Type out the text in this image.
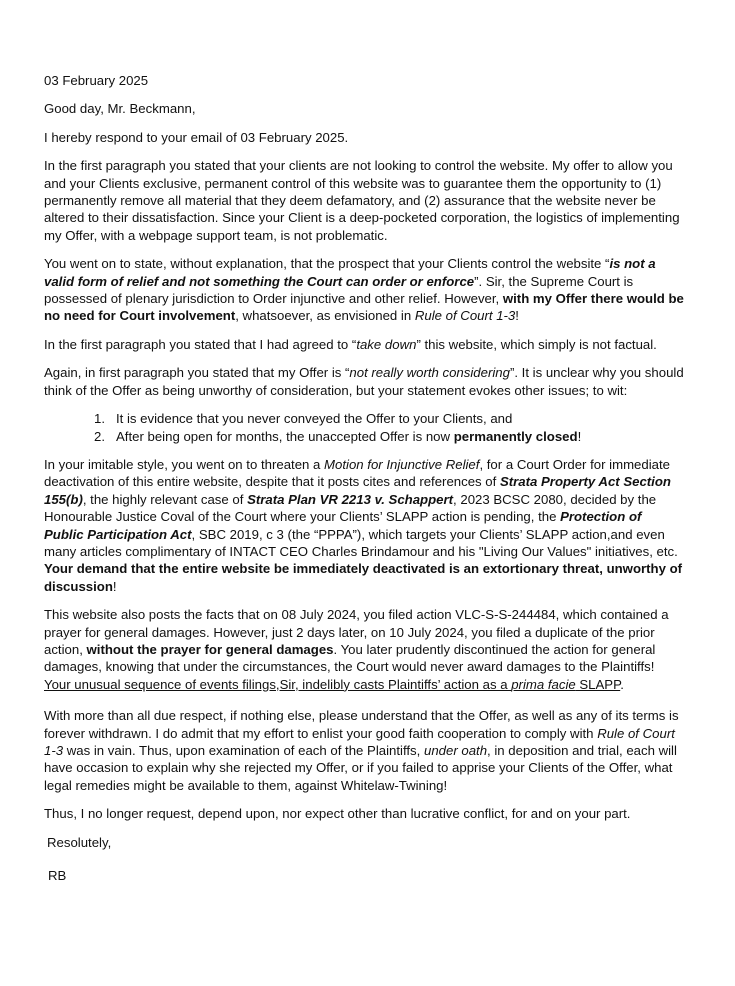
03 February 2025

Good day, Mr. Beckmann,

I hereby respond to your email of 03 February 2025.

In the first paragraph you stated that your clients are not looking to control the website. My offer to allow you and your Clients exclusive, permanent control of this website was to guarantee them the opportunity to (1) permanently remove all material that they deem defamatory, and (2) assurance that the website never be altered to their dissatisfaction. Since your Client is a deep-pocketed corporation, the logistics of implementing my Offer, with a webpage support team, is not problematic.

You went on to state, without explanation, that the prospect that your Clients control the website “is not a valid form of relief and not something the Court can order or enforce”. Sir, the Supreme Court is possessed of plenary jurisdiction to Order injunctive and other relief. However, with my Offer there would be no need for Court involvement, whatsoever, as envisioned in Rule of Court 1-3!

In the first paragraph you stated that I had agreed to “take down” this website, which simply is not factual.

Again, in first paragraph you stated that my Offer is “not really worth considering”. It is unclear why you should think of the Offer as being unworthy of consideration, but your statement evokes other issues; to wit:

1. It is evidence that you never conveyed the Offer to your Clients, and
2. After being open for months, the unaccepted Offer is now permanently closed!

In your imitable style, you went on to threaten a Motion for Injunctive Relief, for a Court Order for immediate deactivation of this entire website, despite that it posts cites and references of Strata Property Act Section 155(b), the highly relevant case of Strata Plan VR 2213 v. Schappert, 2023 BCSC 2080, decided by the Honourable Justice Coval of the Court where your Clients’ SLAPP action is pending, the Protection of Public Participation Act, SBC 2019, c 3 (the “PPPA”), which targets your Clients’ SLAPP action,and even many articles complimentary of INTACT CEO Charles Brindamour and his "Living Our Values" initiatives, etc. Your demand that the entire website be immediately deactivated is an extortionary threat, unworthy of discussion!

This website also posts the facts that on 08 July 2024, you filed action VLC-S-S-244484, which contained a prayer for general damages. However, just 2 days later, on 10 July 2024, you filed a duplicate of the prior action, without the prayer for general damages. You later prudently discontinued the action for general damages, knowing that under the circumstances, the Court would never award damages to the Plaintiffs! Your unusual sequence of events filings,Sir, indelibly casts Plaintiffs’ action as a prima facie SLAPP.

With more than all due respect, if nothing else, please understand that the Offer, as well as any of its terms is forever withdrawn. I do admit that my effort to enlist your good faith cooperation to comply with Rule of Court 1-3 was in vain. Thus, upon examination of each of the Plaintiffs, under oath, in deposition and trial, each will have occasion to explain why she rejected my Offer, or if you failed to apprise your Clients of the Offer, what legal remedies might be available to them, against Whitelaw-Twining!

Thus, I no longer request, depend upon, nor expect other than lucrative conflict, for and on your part.

Resolutely,

RB
